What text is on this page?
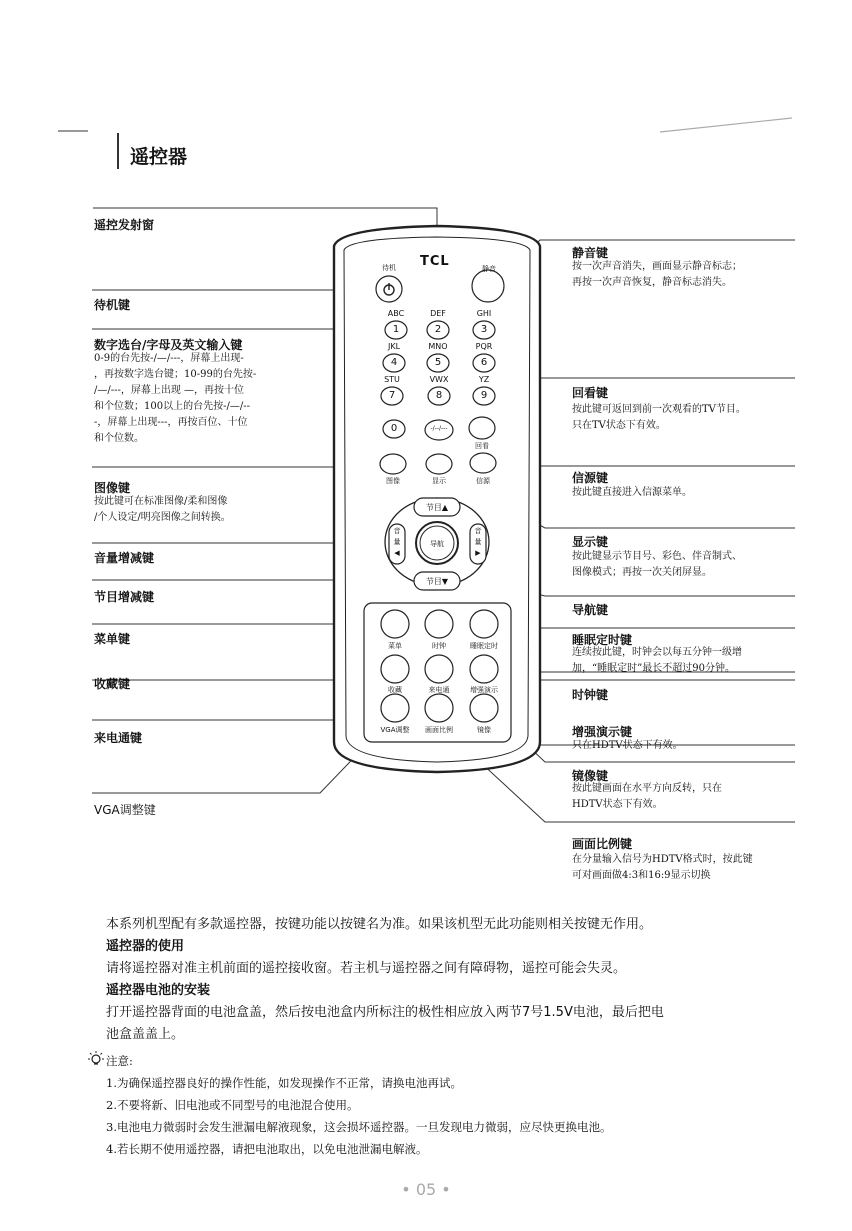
遥控器
TCL
待机	静音
ABC	DEF	GHI
JKL	MNO	PQR
STU	VWX	YZ
1	2	3
4	5	6
7	8	9
0	-/--/---
回看
图像	显示	信源
节目▲
节目▼
音
量
◀
音
量
▶
导航
菜单	时钟	睡眠定时
收藏	来电通	增强演示
VGA调整	画面比例	镜像
遥控发射窗
待机键
数字选台/字母及英文输入键
0-9的台先按-/—/---，屏幕上出现-
，再按数字选台键；10-99的台先按-
/—/---，屏幕上出现 —，再按十位
和个位数；100以上的台先按-/—/--
-，屏幕上出现---，再按百位、十位
和个位数。
图像键
按此键可在标准图像/柔和图像
/个人设定/明亮图像之间转换。
音量增减键
节目增减键
菜单键
收藏键
来电通键
VGA调整键
静音键
按一次声音消失，画面显示静音标志；
再按一次声音恢复，静音标志消失。
回看键
按此键可返回到前一次观看的TV节目。
只在TV状态下有效。
信源键
按此键直接进入信源菜单。
显示键
按此键显示节目号、彩色、伴音制式、
图像模式；再按一次关闭屏显。
导航键
睡眠定时键
连续按此键，时钟会以每五分钟一级增
加，“睡眠定时”最长不超过90分钟。
时钟键
增强演示键
只在HDTV状态下有效。
镜像键
按此键画面在水平方向反转，只在
HDTV状态下有效。
画面比例键
在分量输入信号为HDTV格式时，按此键
可对画面做4:3和16:9显示切换
本系列机型配有多款遥控器，按键功能以按键名为准。如果该机型无此功能则相关按键无作用。
遥控器的使用
请将遥控器对准主机前面的遥控接收窗。若主机与遥控器之间有障碍物，遥控可能会失灵。
遥控器电池的安装
打开遥控器背面的电池盒盖，然后按电池盒内所标注的极性相应放入两节7号1.5V电池，最后把电
池盒盖盖上。
注意:
1.为确保遥控器良好的操作性能，如发现操作不正常，请换电池再试。
2.不要将新、旧电池或不同型号的电池混合使用。
3.电池电力微弱时会发生泄漏电解液现象，这会损坏遥控器。一旦发现电力微弱，应尽快更换电池。
4.若长期不使用遥控器，请把电池取出，以免电池泄漏电解液。
• 05 •
